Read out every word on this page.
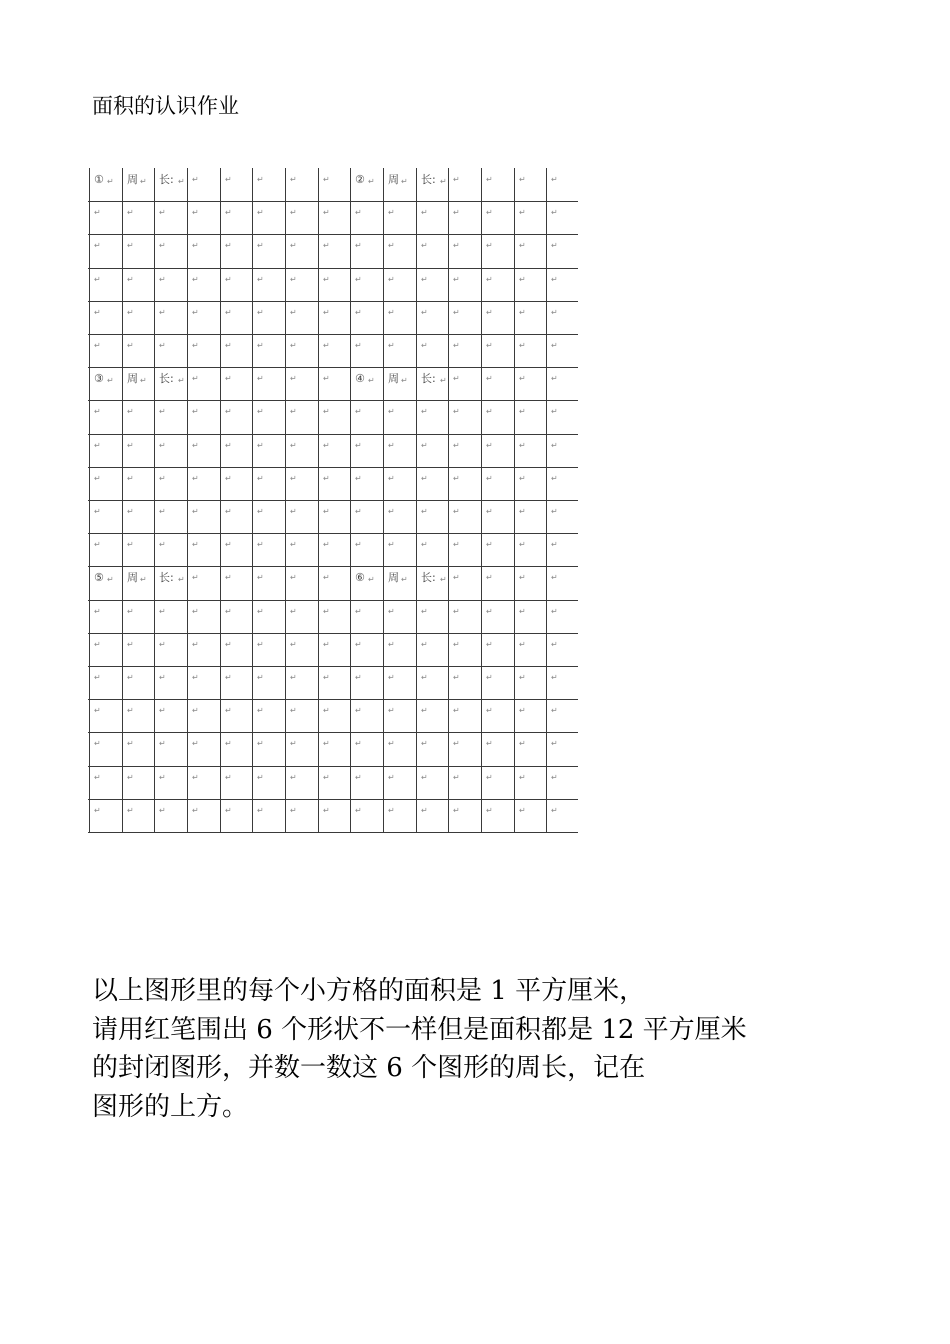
面积的认识作业
① ↵ 周 ↵ 长: ↵ ↵	↵	↵	↵	↵ ② ↵ 周 ↵ 长: ↵ ↵	↵	↵	↵
↵	↵	↵	↵	↵	↵	↵	↵	↵	↵	↵	↵	↵	↵	↵
↵	↵	↵	↵	↵	↵	↵	↵	↵	↵	↵	↵	↵	↵	↵
↵	↵	↵	↵	↵	↵	↵	↵	↵	↵	↵	↵	↵	↵	↵
↵	↵	↵	↵	↵	↵	↵	↵	↵	↵	↵	↵	↵	↵	↵
↵	↵	↵	↵	↵	↵	↵	↵	↵	↵	↵	↵	↵	↵	↵
③ ↵ 周 ↵ 长: ↵ ↵	↵	↵	↵	↵ ④ ↵ 周 ↵ 长: ↵ ↵	↵	↵	↵
↵	↵	↵	↵	↵	↵	↵	↵	↵	↵	↵	↵	↵	↵	↵
↵	↵	↵	↵	↵	↵	↵	↵	↵	↵	↵	↵	↵	↵	↵
↵	↵	↵	↵	↵	↵	↵	↵	↵	↵	↵	↵	↵	↵	↵
↵	↵	↵	↵	↵	↵	↵	↵	↵	↵	↵	↵	↵	↵	↵
↵	↵	↵	↵	↵	↵	↵	↵	↵	↵	↵	↵	↵	↵	↵
⑤ ↵ 周 ↵ 长: ↵ ↵	↵	↵	↵	↵ ⑥ ↵ 周 ↵ 长: ↵ ↵	↵	↵	↵
↵	↵	↵	↵	↵	↵	↵	↵	↵	↵	↵	↵	↵	↵	↵
↵	↵	↵	↵	↵	↵	↵	↵	↵	↵	↵	↵	↵	↵	↵
↵	↵	↵	↵	↵	↵	↵	↵	↵	↵	↵	↵	↵	↵	↵
↵	↵	↵	↵	↵	↵	↵	↵	↵	↵	↵	↵	↵	↵	↵
↵	↵	↵	↵	↵	↵	↵	↵	↵	↵	↵	↵	↵	↵	↵
↵	↵	↵	↵	↵	↵	↵	↵	↵	↵	↵	↵	↵	↵	↵
↵	↵	↵	↵	↵	↵	↵	↵	↵	↵	↵	↵	↵	↵	↵
以上图形里的每个小方格的面积是 1 平方厘米，
请用红笔围出 6 个形状不一样但是面积都是 12 平方厘米
的封闭图形，并数一数这 6 个图形的周长，记在
图形的上方。
